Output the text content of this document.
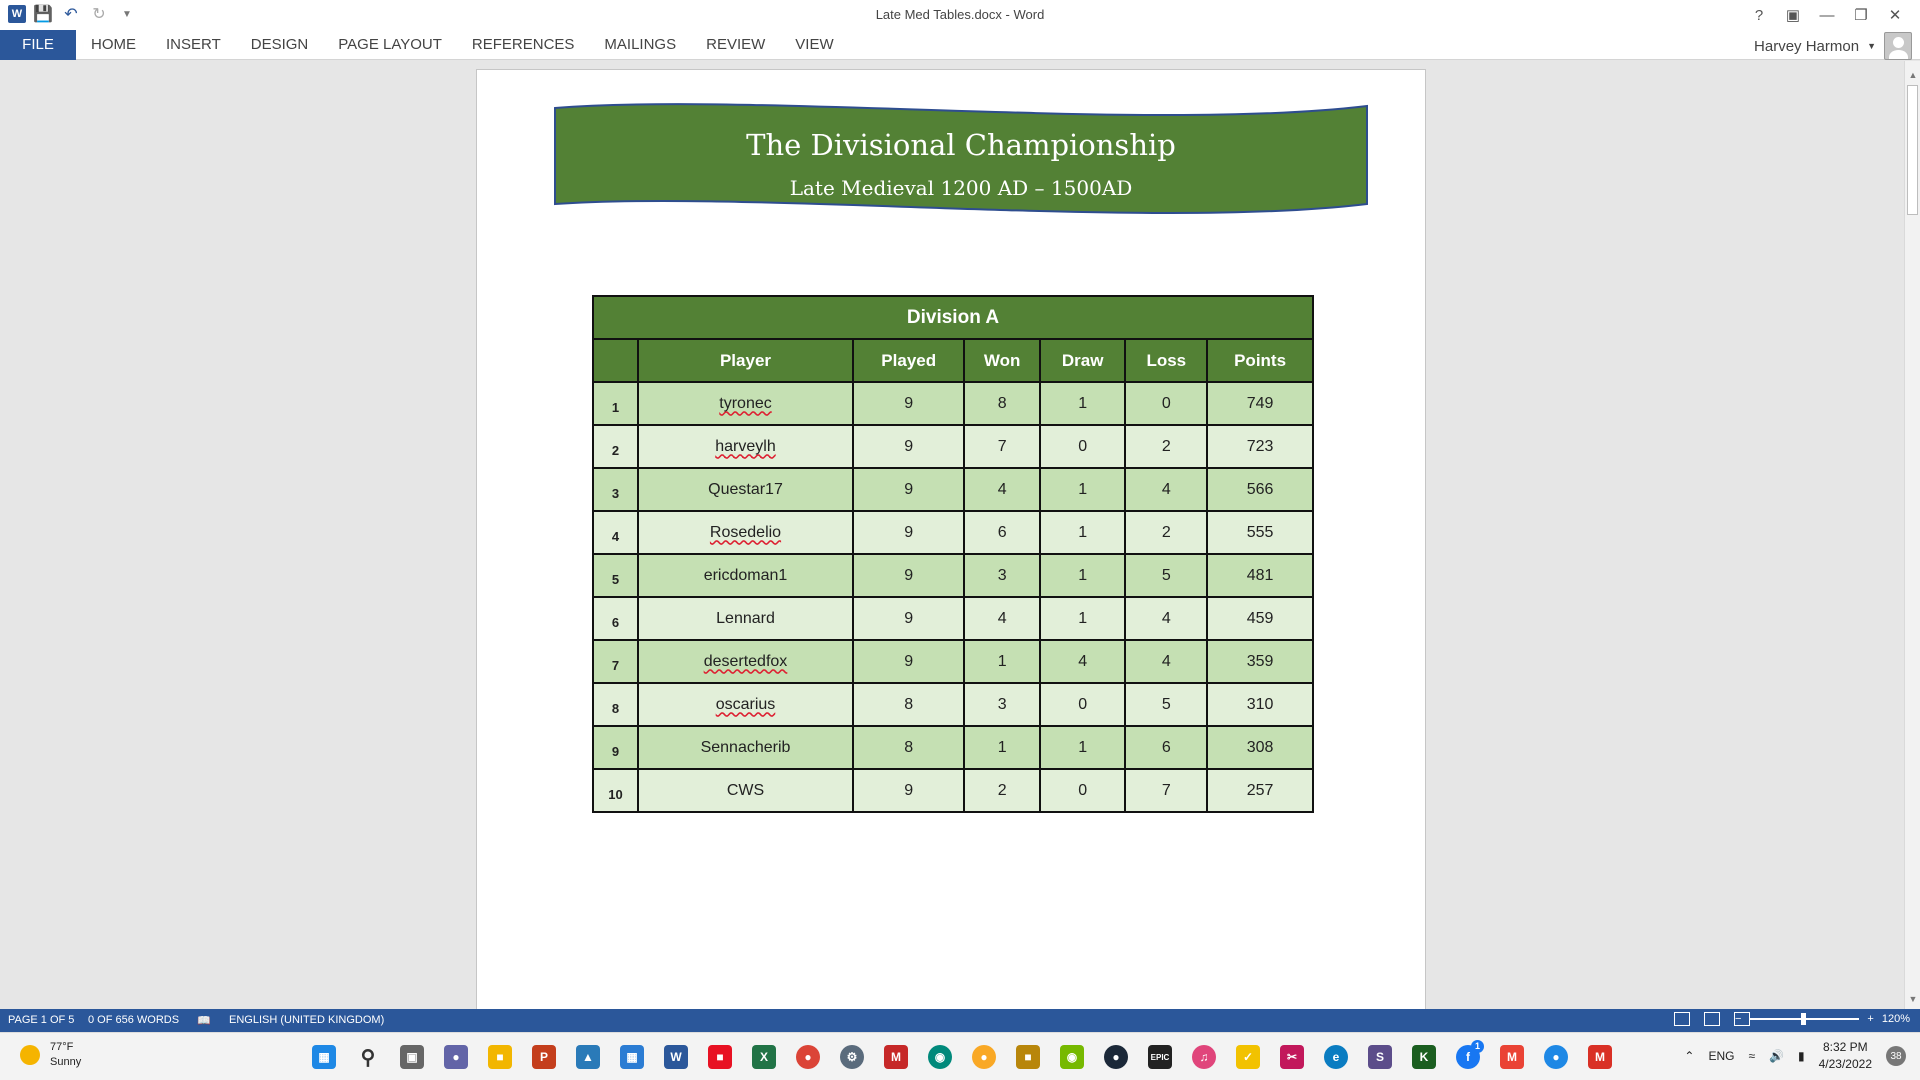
W 💾 ↶ ↻	▼	Late Med Tables.docx - Word	?	▣	—	❐	✕
FILE	HOME	INSERT	DESIGN	PAGE LAYOUT	REFERENCES	MAILINGS	REVIEW	VIEW	Harvey Harmon ▼
The Divisional Championship
Late Medieval 1200 AD – 1500AD
Division A						
	Player	Played	Won	Draw	Loss	Points
1	tyronec	9	8	1	0	749
2	harveylh	9	7	0	2	723
3	Questar17	9	4	1	4	566
4	Rosedelio	9	6	1	2	555
5	ericdoman1	9	3	1	5	481
6	Lennard	9	4	1	4	459
7	desertedfox	9	1	4	4	359
8	oscarius	8	3	0	5	310
9	Sennacherib	8	1	1	6	308
10	CWS	9	2	0	7	257
▲
▼
PAGE 1 OF 5 0 OF 656 WORDS 📖 ENGLISH (UNITED KINGDOM)	−	+ 120%
77°F
Sunny	▦	⚲	▣	●	■	P	▲	▦	W	■	X	●	⚙	M	◉	●	■	◉	●	EPIC	♫	✓	✂	e	S	K	f
1
M	●	M	⌃ ENG ≈ 🔊 ▮
8:32 PM
4/23/2022
38
